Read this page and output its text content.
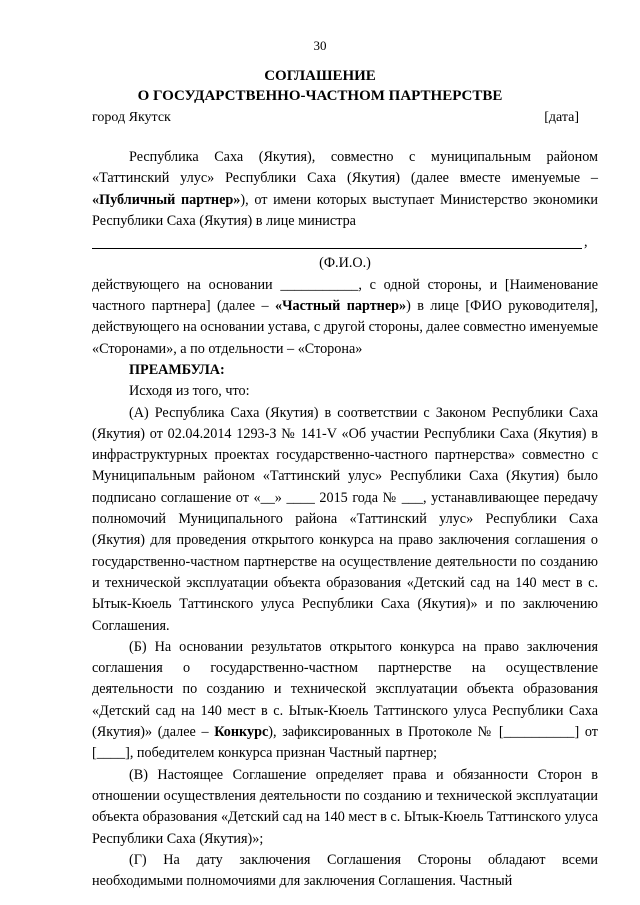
30
СОГЛАШЕНИЕ
О ГОСУДАРСТВЕННО-ЧАСТНОМ ПАРТНЕРСТВЕ
город Якутск	[дата]

Республика Саха (Якутия), совместно с муниципальным районом «Таттинский улус» Республики Саха (Якутия) (далее вместе именуемые – «Публичный партнер»), от имени которых выступает Министерство экономики Республики Саха (Якутия) в лице министра

,

(Ф.И.О.)

действующего на основании ___________, с одной стороны, и [Наименование частного партнера] (далее – «Частный партнер») в лице [ФИО руководителя], действующего на основании устава, с другой стороны, далее совместно именуемые «Сторонами», а по отдельности – «Сторона»

ПРЕАМБУЛА:

Исходя из того, что:

(А) Республика Саха (Якутия) в соответствии с Законом Республики Саха (Якутия) от 02.04.2014 1293-З № 141-V «Об участии Республики Саха (Якутия) в инфраструктурных проектах государственно-частного партнерства» совместно с Муниципальным районом «Таттинский улус» Республики Саха (Якутия) было подписано соглашение от «__» ____ 2015 года № ___, устанавливающее передачу полномочий Муниципального района «Таттинский улус» Республики Саха (Якутия) для проведения открытого конкурса на право заключения соглашения о государственно-частном партнерстве на осуществление деятельности по созданию и технической эксплуатации объекта образования «Детский сад на 140 мест в с. Ытык-Кюель Таттинского улуса Республики Саха (Якутия)» и по заключению Соглашения.

(Б) На основании результатов открытого конкурса на право заключения соглашения о государственно-частном партнерстве на осуществление деятельности по созданию и технической эксплуатации объекта образования «Детский сад на 140 мест в с. Ытык-Кюель Таттинского улуса Республики Саха (Якутия)» (далее – Конкурс), зафиксированных в Протоколе № [__________] от [____], победителем конкурса признан Частный партнер;

(В) Настоящее Соглашение определяет права и обязанности Сторон в отношении осуществления деятельности по созданию и технической эксплуатации объекта образования «Детский сад на 140 мест в с. Ытык-Кюель Таттинского улуса Республики Саха (Якутия)»;

(Г) На дату заключения Соглашения Стороны обладают всеми необходимыми полномочиями для заключения Соглашения. Частный
